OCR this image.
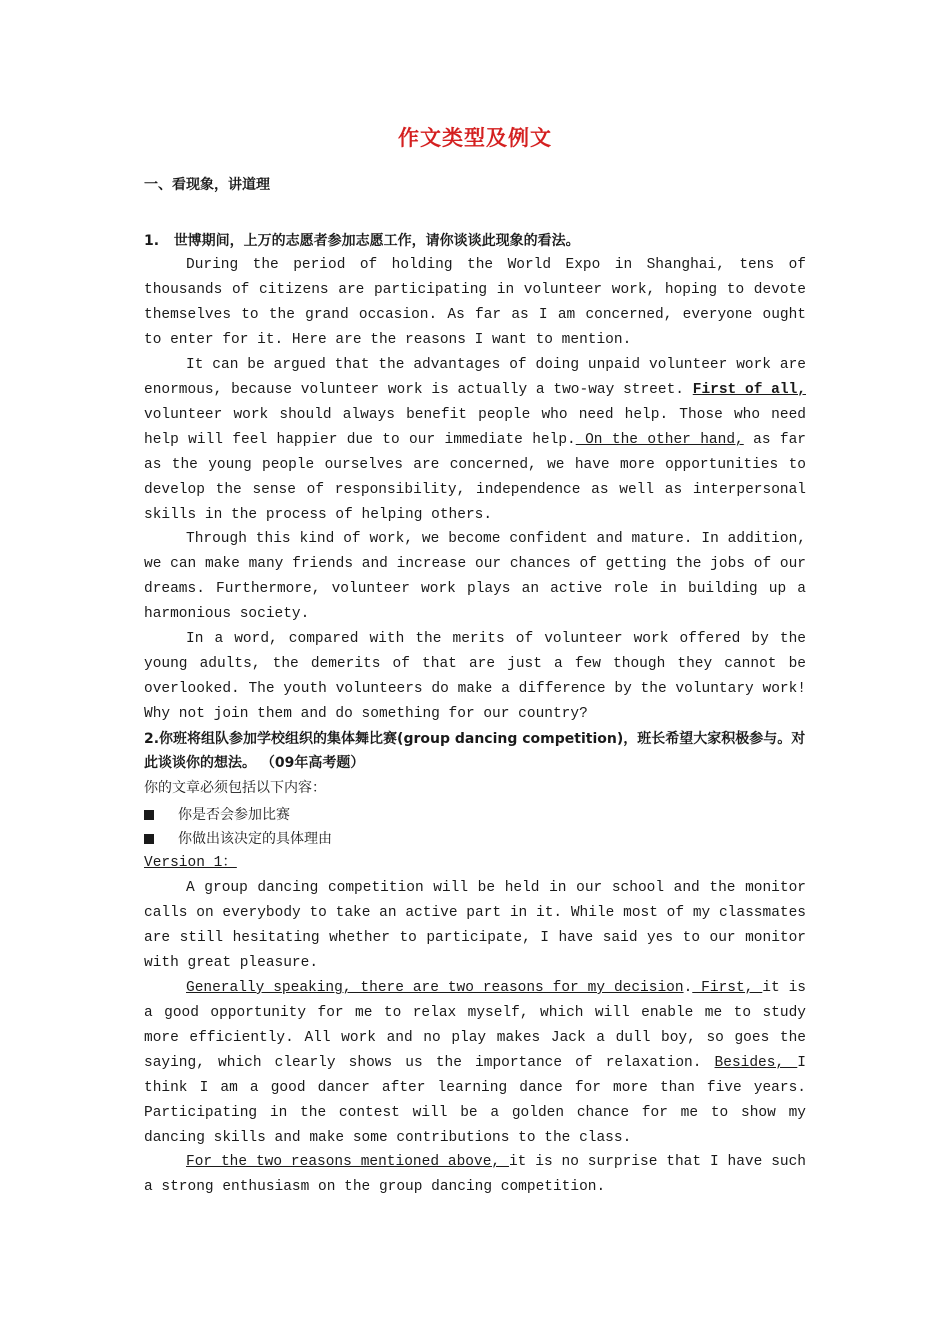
作文类型及例文
一、看现象，讲道理
1. 世博期间，上万的志愿者参加志愿工作，请你谈谈此现象的看法。
During the period of holding the World Expo in Shanghai, tens of thousands of citizens are participating in volunteer work, hoping to devote themselves to the grand occasion. As far as I am concerned, everyone ought to enter for it. Here are the reasons I want to mention.
It can be argued that the advantages of doing unpaid volunteer work are enormous, because volunteer work is actually a two-way street. First of all, volunteer work should always benefit people who need help. Those who need help will feel happier due to our immediate help. On the other hand, as far as the young people ourselves are concerned, we have more opportunities to develop the sense of responsibility, independence as well as interpersonal skills in the process of helping others.
Through this kind of work, we become confident and mature. In addition, we can make many friends and increase our chances of getting the jobs of our dreams. Furthermore, volunteer work plays an active role in building up a harmonious society.
In a word, compared with the merits of volunteer work offered by the young adults, the demerits of that are just a few though they cannot be overlooked. The youth volunteers do make a difference by the voluntary work! Why not join them and do something for our country?
2.你班将组队参加学校组织的集体舞比赛(group dancing competition)，班长希望大家积极参与。对此谈谈你的想法。 （09年高考题）
你的文章必须包括以下内容：
你是否会参加比赛
你做出该决定的具体理由
Version 1：
A group dancing competition will be held in our school and the monitor calls on everybody to take an active part in it. While most of my classmates are still hesitating whether to participate, I have said yes to our monitor with great pleasure.
Generally speaking, there are two reasons for my decision. First, it is a good opportunity for me to relax myself, which will enable me to study more efficiently. All work and no play makes Jack a dull boy, so goes the saying, which clearly shows us the importance of relaxation. Besides, I think I am a good dancer after learning dance for more than five years. Participating in the contest will be a golden chance for me to show my dancing skills and make some contributions to the class.
For the two reasons mentioned above, it is no surprise that I have such a strong enthusiasm on the group dancing competition.
